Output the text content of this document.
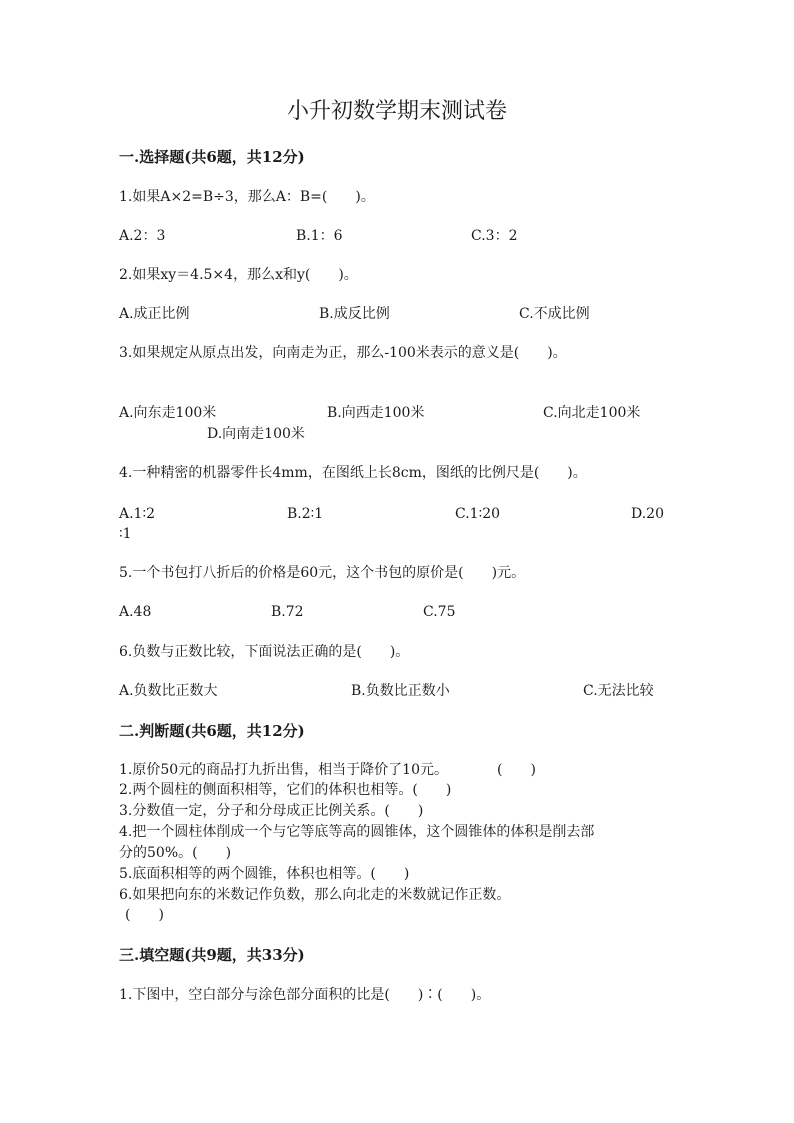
小升初数学期末测试卷
一.选择题(共6题，共12分)
1.如果A×2=B÷3，那么A：B=(　　)。
A.2：3	B.1：6	C.3：2
2.如果xy＝4.5×4，那么x和y(　　)。
A.成正比例	B.成反比例	C.不成比例
3.如果规定从原点出发，向南走为正，那么-100米表示的意义是(　　)。
A.向东走100米	B.向西走100米	C.向北走100米
D.向南走100米
4.一种精密的机器零件长4mm，在图纸上长8cm，图纸的比例尺是(　　)。
A.1∶2	B.2∶1	C.1∶20	D.20
∶1
5.一个书包打八折后的价格是60元，这个书包的原价是(　　)元。
A.48	B.72	C.75
6.负数与正数比较，下面说法正确的是(　　)。
A.负数比正数大	B.负数比正数小	C.无法比较
二.判断题(共6题，共12分)
1.原价50元的商品打九折出售，相当于降价了10元。　　　　(　　)
2.两个圆柱的侧面积相等，它们的体积也相等。(　　)
3.分数值一定，分子和分母成正比例关系。(　　)
4.把一个圆柱体削成一个与它等底等高的圆锥体，这个圆锥体的体积是削去部
分的50%。(　　)
5.底面积相等的两个圆锥，体积也相等。(　　)
6.如果把向东的米数记作负数，那么向北走的米数就记作正数。
(　　)
三.填空题(共9题，共33分)
1.下图中，空白部分与涂色部分面积的比是(　　)∶(　　)。
